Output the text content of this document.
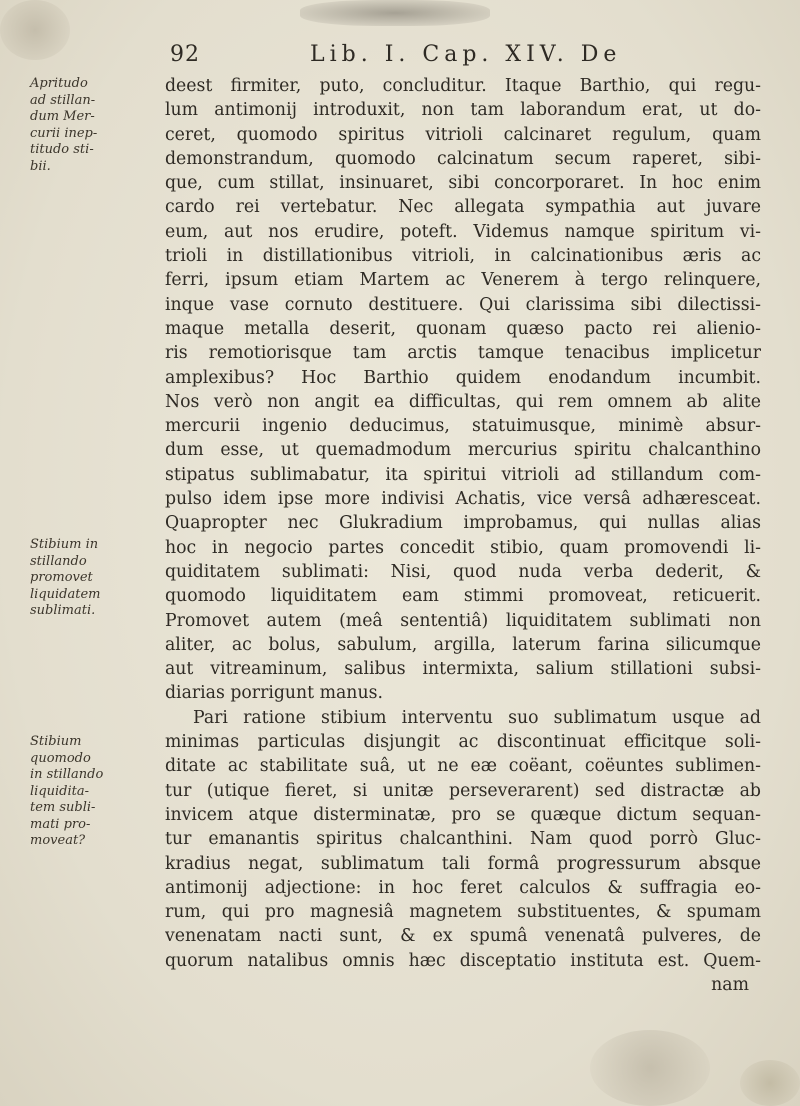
92	Lib. I. Cap. XIV. De
Apritudo
ad stillan-
dum Mer-
curii inep-
titudo sti-
bii.
Stibium in
stillando
promovet
liquidatem
sublimati.
Stibium
quomodo
in stillando
liquidita-
tem subli-
mati pro-
moveat?
deest firmiter, puto, concluditur. Itaque Barthio, qui regu-
lum antimonij introduxit, non tam laborandum erat, ut do-
ceret, quomodo spiritus vitrioli calcinaret regulum, quam
demonstrandum, quomodo calcinatum secum raperet, sibi-
que, cum stillat, insinuaret, sibi concorporaret. In hoc enim
cardo rei vertebatur. Nec allegata sympathia aut juvare
eum, aut nos erudire, poteft. Videmus namque spiritum vi-
trioli in distillationibus vitrioli, in calcinationibus æris ac
ferri, ipsum etiam Martem ac Venerem à tergo relinquere,
inque vase cornuto destituere. Qui clarissima sibi dilectissi-
maque metalla deserit, quonam quæso pacto rei alienio-
ris remotiorisque tam arctis tamque tenacibus implicetur
amplexibus? Hoc Barthio quidem enodandum incumbit.
Nos verò non angit ea difficultas, qui rem omnem ab alite
mercurii ingenio deducimus, statuimusque, minimè absur-
dum esse, ut quemadmodum mercurius spiritu chalcanthino
stipatus sublimabatur, ita spiritui vitrioli ad stillandum com-
pulso idem ipse more indivisi Achatis, vice versâ adhæresceat.
Quapropter nec Glukradium improbamus, qui nullas alias
hoc in negocio partes concedit stibio, quam promovendi li-
quiditatem sublimati: Nisi, quod nuda verba dederit, &
quomodo liquiditatem eam stimmi promoveat, reticuerit.
Promovet autem (meâ sententiâ) liquiditatem sublimati non
aliter, ac bolus, sabulum, argilla, laterum farina silicumque
aut vitreaminum, salibus intermixta, salium stillationi subsi-
diarias porrigunt manus.
Pari ratione stibium interventu suo sublimatum usque ad
minimas particulas disjungit ac discontinuat efficitque soli-
ditate ac stabilitate suâ, ut ne eæ coëant, coëuntes sublimen-
tur (utique fieret, si unitæ perseverarent) sed distractæ ab
invicem atque disterminatæ, pro se quæque dictum sequan-
tur emanantis spiritus chalcanthini. Nam quod porrò Gluc-
kradius negat, sublimatum tali formâ progressurum absque
antimonij adjectione: in hoc feret calculos & suffragia eo-
rum, qui pro magnesiâ magnetem substituentes, & spumam
venenatam nacti sunt, & ex spumâ venenatâ pulveres, de
quorum natalibus omnis hæc disceptatio instituta est. Quem-
nam
